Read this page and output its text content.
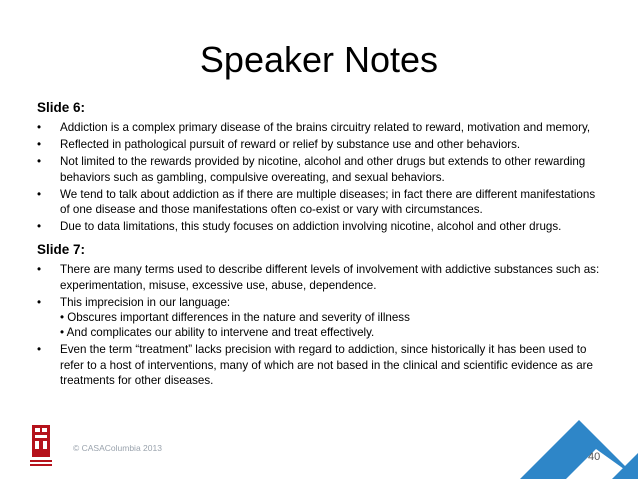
Speaker Notes
Slide 6:
• Addiction is a complex primary disease of the brains circuitry related to reward, motivation and memory,
• Reflected in pathological pursuit of reward or relief by substance use and other behaviors.
• Not limited to the rewards provided by nicotine, alcohol and other drugs but extends to other rewarding behaviors such as gambling, compulsive overeating, and sexual behaviors.
• We tend to talk about addiction as if there are multiple diseases; in fact there are different manifestations of one disease and those manifestations often co-exist or vary with circumstances.
• Due to data limitations, this study focuses on addiction involving nicotine, alcohol and other drugs.
Slide 7:
• There are many terms used to describe different levels of involvement with addictive substances such as: experimentation, misuse, excessive use, abuse, dependence.
• This imprecision in our language:
• Obscures important differences in the nature and severity of illness
• And complicates our ability to intervene and treat effectively.
• Even the term “treatment” lacks precision with regard to addiction, since historically it has been used to refer to a host of interventions, many of which are not based in the clinical and scientific evidence as are treatments for other diseases.
© CASAColumbia 2013
40
